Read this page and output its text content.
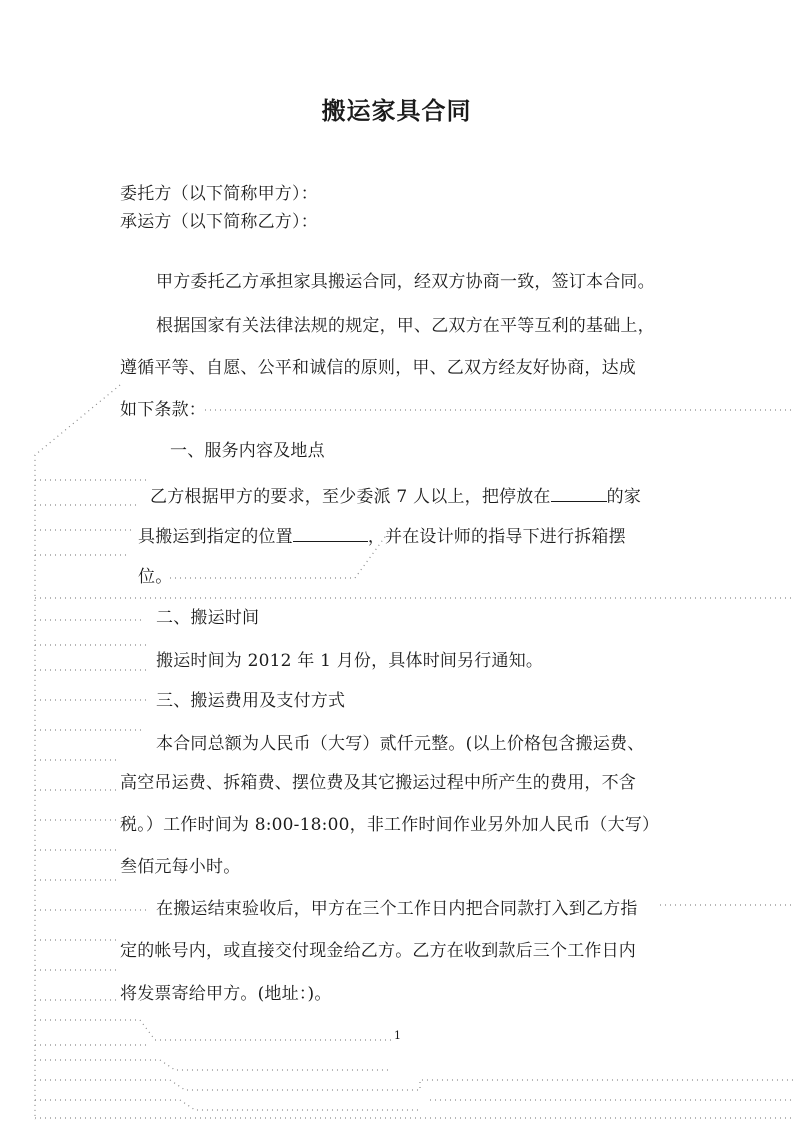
搬运家具合同
委托方（以下简称甲方）：
承运方（以下简称乙方）：
甲方委托乙方承担家具搬运合同，经双方协商一致，签订本合同。
根据国家有关法律法规的规定，甲、乙双方在平等互利的基础上，
遵循平等、自愿、公平和诚信的原则，甲、乙双方经友好协商，达成
如下条款：
一、服务内容及地点
乙方根据甲方的要求，至少委派 7 人以上，把停放在	的家
具搬运到指定的位置	，并在设计师的指导下进行拆箱摆
位。
二、搬运时间
搬运时间为 2012 年 1 月份，具体时间另行通知。
三、搬运费用及支付方式
本合同总额为人民币（大写）贰仟元整。(以上价格包含搬运费、
高空吊运费、拆箱费、摆位费及其它搬运过程中所产生的费用，不含
税。）工作时间为 8:00-18:00，非工作时间作业另外加人民币（大写）
叁佰元每小时。
在搬运结束验收后，甲方在三个工作日内把合同款打入到乙方指
定的帐号内，或直接交付现金给乙方。乙方在收到款后三个工作日内
将发票寄给甲方。(地址：)。
1
